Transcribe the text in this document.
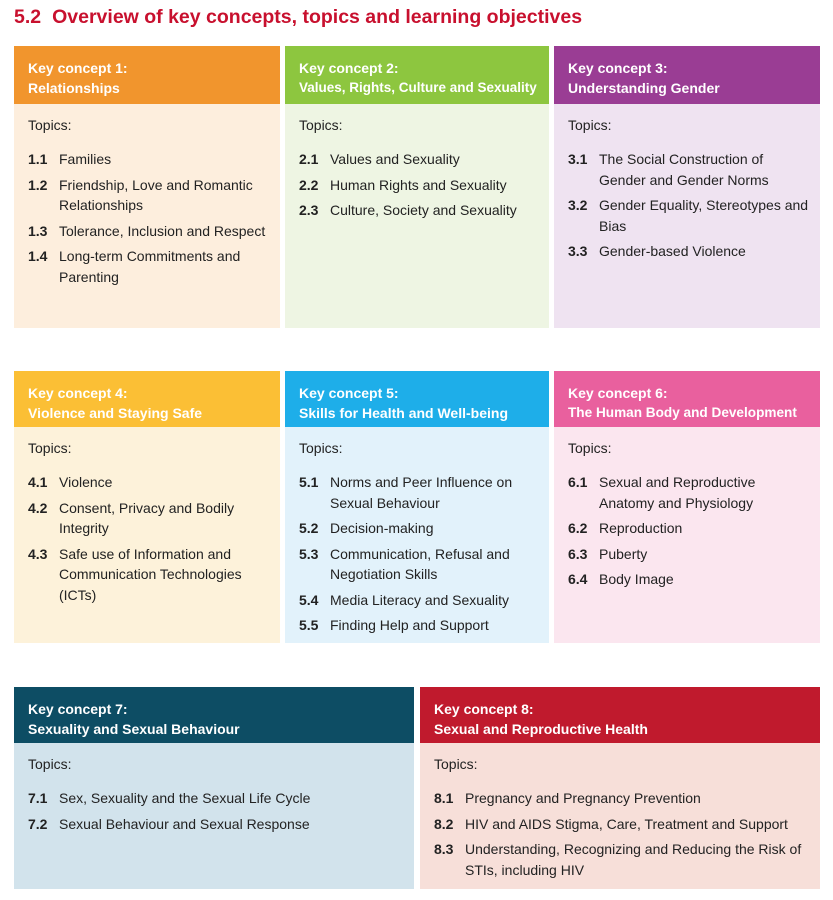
5.2 Overview of key concepts, topics and learning objectives
Key concept 1:
Relationships
Topics:
1.1 Families
1.2 Friendship, Love and Romantic Relationships
1.3 Tolerance, Inclusion and Respect
1.4 Long-term Commitments and Parenting
Key concept 2:
Values, Rights, Culture and Sexuality
Topics:
2.1 Values and Sexuality
2.2 Human Rights and Sexuality
2.3 Culture, Society and Sexuality
Key concept 3:
Understanding Gender
Topics:
3.1 The Social Construction of Gender and Gender Norms
3.2 Gender Equality, Stereotypes and Bias
3.3 Gender-based Violence
Key concept 4:
Violence and Staying Safe
Topics:
4.1 Violence
4.2 Consent, Privacy and Bodily Integrity
4.3 Safe use of Information and Communication Technologies (ICTs)
Key concept 5:
Skills for Health and Well-being
Topics:
5.1 Norms and Peer Influence on Sexual Behaviour
5.2 Decision-making
5.3 Communication, Refusal and Negotiation Skills
5.4 Media Literacy and Sexuality
5.5 Finding Help and Support
Key concept 6:
The Human Body and Development
Topics:
6.1 Sexual and Reproductive Anatomy and Physiology
6.2 Reproduction
6.3 Puberty
6.4 Body Image
Key concept 7:
Sexuality and Sexual Behaviour
Topics:
7.1 Sex, Sexuality and the Sexual Life Cycle
7.2 Sexual Behaviour and Sexual Response
Key concept 8:
Sexual and Reproductive Health
Topics:
8.1 Pregnancy and Pregnancy Prevention
8.2 HIV and AIDS Stigma, Care, Treatment and Support
8.3 Understanding, Recognizing and Reducing the Risk of STIs, including HIV
